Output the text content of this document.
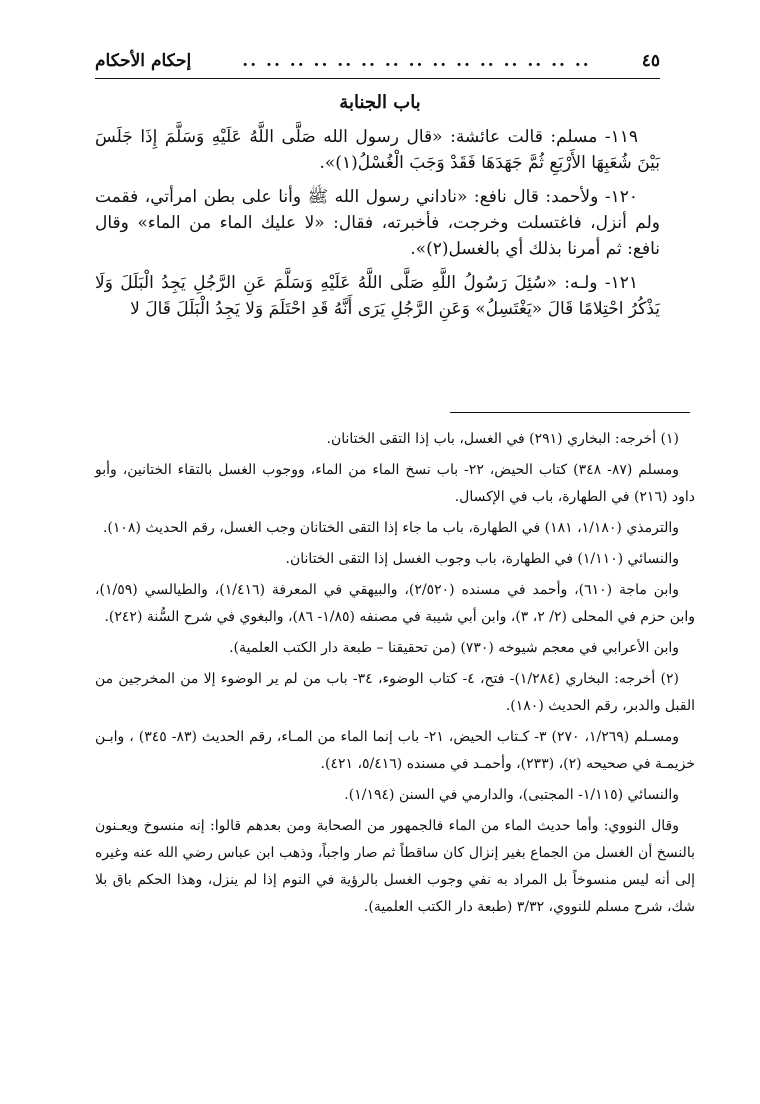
٤٥
.. .. .. .. .. .. .. .. .. .. .. .. .. .. ..
إحكام الأحكام
باب الجنابة

١١٩- مسلم: قالت عائشة: «قال رسول الله صَلَّى اللَّهُ عَلَيْهِ وَسَلَّمَ إِذَا جَلَسَ بَيْنَ شُعَبِهَا الأَرْبَعِ ثُمَّ جَهَدَهَا فَقَدْ وَجَبَ الْغُسْلُ(١)».

١٢٠- ولأحمد: قال نافع: «ناداني رسول الله ﷺ وأنا على بطن امرأتي، فقمت ولم أنزل، فاغتسلت وخرجت، فأخبرته، فقال: «لا عليك الماء من الماء» وقال نافع: ثم أمرنا بذلك أي بالغسل(٢)».

١٢١- ولـه: «سُئِلَ رَسُولُ اللَّهِ صَلَّى اللَّهُ عَلَيْهِ وَسَلَّمَ عَنِ الرَّجُلِ يَجِدُ الْبَلَلَ وَلَا يَذْكُرُ احْتِلامًا قَالَ «يَغْتَسِلُ» وَعَنِ الرَّجُلِ يَرَى أَنَّهُ قَدِ احْتَلَمَ وَلا يَجِدُ الْبَلَلَ قَالَ لا

(١) أخرجه: البخاري (٢٩١) في الغسل، باب إذا التقى الختانان.

ومسلم (٨٧- ٣٤٨) كتاب الحيض، ٢٢- باب نسخ الماء من الماء، ووجوب الغسل بالتقاء الختانين، وأبو داود (٢١٦) في الطهارة، باب في الإكسال.

والترمذي (١/١٨٠، ١٨١) في الطهارة، باب ما جاء إذا التقى الختانان وجب الغسل، رقم الحديث (١٠٨).

والنسائي (١/١١٠) في الطهارة، باب وجوب الغسل إذا التقى الختانان.

وابن ماجة (٦١٠)، وأحمد في مسنده (٢/٥٢٠)، والبيهقي في المعرفة (١/٤١٦)، والطيالسي (١/٥٩)، وابن حزم في المحلى (٢/ ٢، ٣)، وابن أبي شيبة في مصنفه (١/٨٥- ٨٦)، والبغوي في شرح السُّنة (٢٤٢).

وابن الأعرابي في معجم شيوخه (٧٣٠) (من تحقيقنا – طبعة دار الكتب العلمية).

(٢) أخرجه: البخاري (١/٢٨٤)- فتح، ٤- كتاب الوضوء، ٣٤- باب من لم ير الوضوء إلا من المخرجين من القبل والدبر، رقم الحديث (١٨٠).

ومسـلم (١/٢٦٩، ٢٧٠) ٣- كـتاب الحيض، ٢١- باب إنما الماء من المـاء، رقم الحديث (٨٣- ٣٤٥) ، وابـن خزيمـة في صحيحه (٢)، (٢٣٣)، وأحمـد في مسنده (٥/٤١٦، ٤٢١).

والنسائي (١/١١٥- المجتبى)، والدارمي في السنن (١/١٩٤).

وقال النووي: وأما حديث الماء من الماء فالجمهور من الصحابة ومن بعدهم قالوا: إنه منسوخ ويعـنون بالنسخ أن الغسل من الجماع بغير إنزال كان ساقطاً ثم صار واجباً، وذهب ابن عباس رضي الله عنه وغيره إلى أنه ليس منسوخاً بل المراد به نفي وجوب الغسل بالرؤية في النوم إذا لم ينزل، وهذا الحكم باق بلا شك، شرح مسلم للنووي، ٣/٣٢ (طبعة دار الكتب العلمية).
